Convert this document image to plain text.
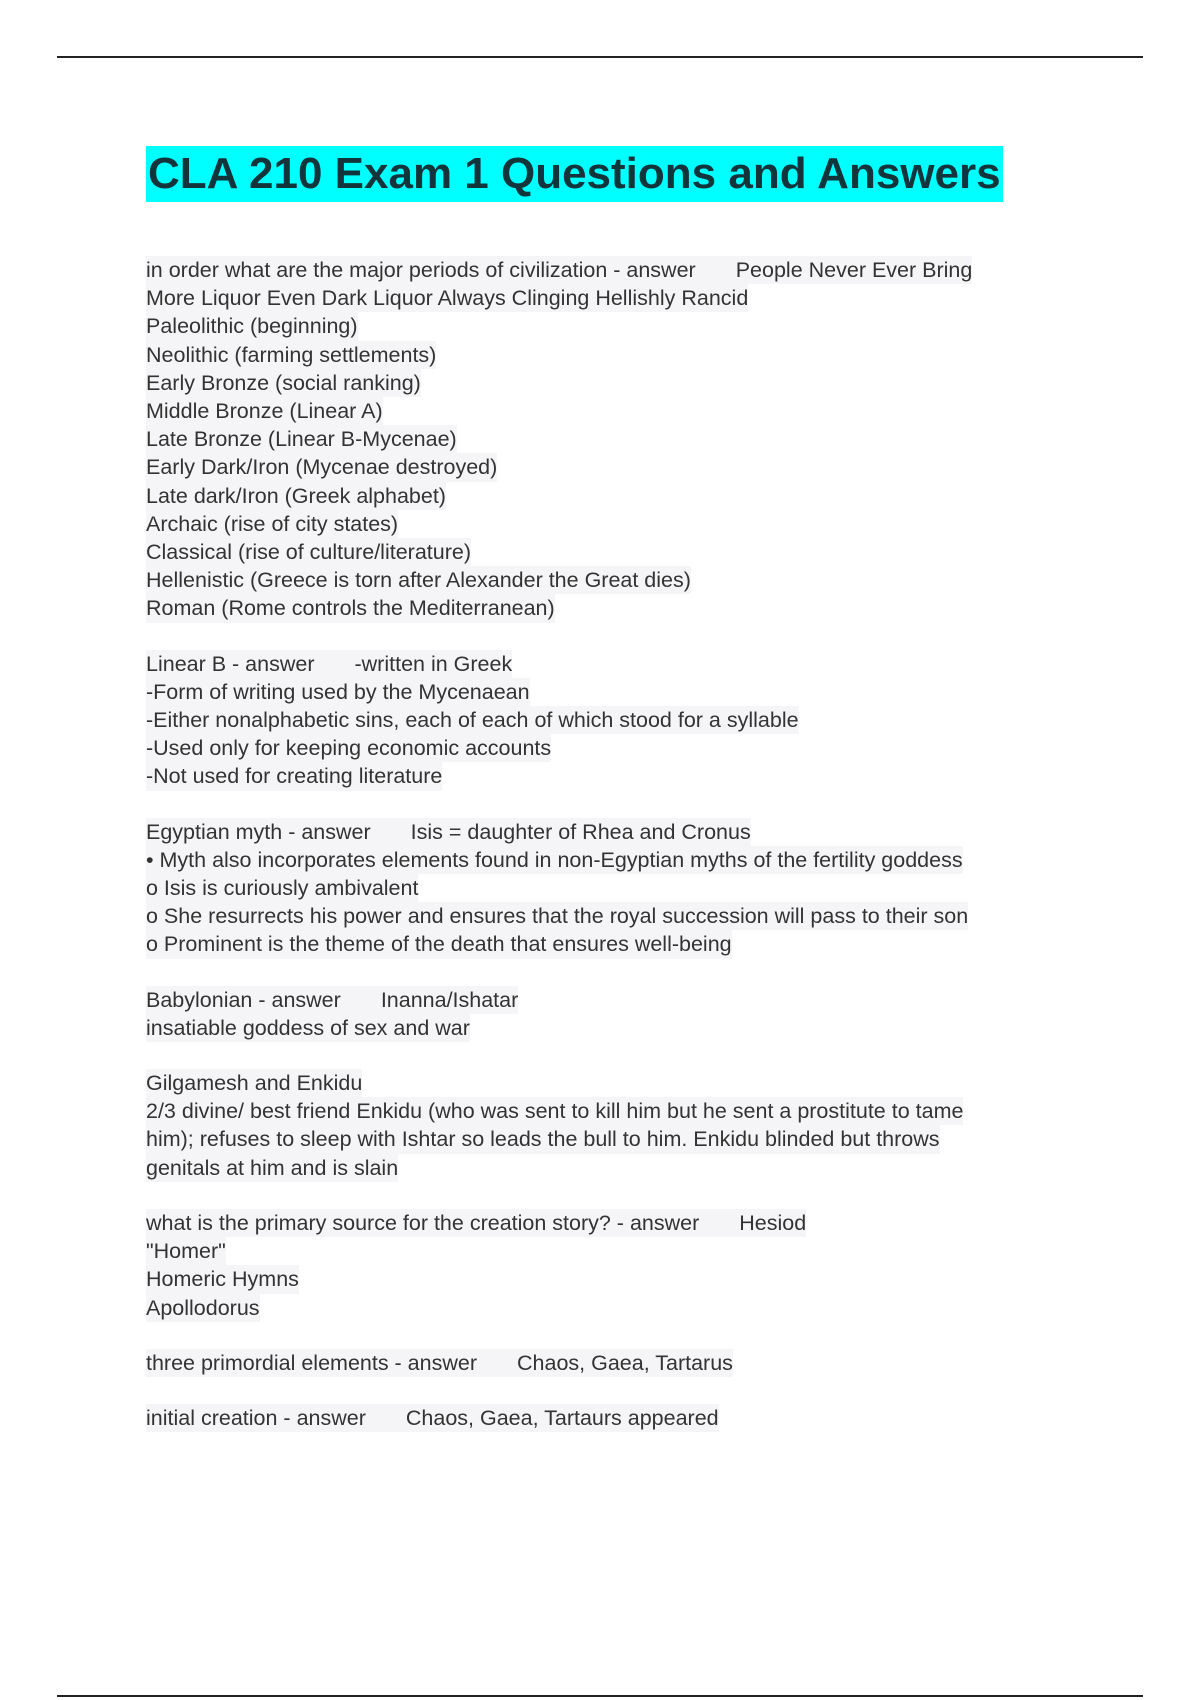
CLA 210 Exam 1 Questions and Answers
in order what are the major periods of civilization - answer People Never Ever Bring
More Liquor Even Dark Liquor Always Clinging Hellishly Rancid
Paleolithic (beginning)
Neolithic (farming settlements)
Early Bronze (social ranking)
Middle Bronze (Linear A)
Late Bronze (Linear B-Mycenae)
Early Dark/Iron (Mycenae destroyed)
Late dark/Iron (Greek alphabet)
Archaic (rise of city states)
Classical (rise of culture/literature)
Hellenistic (Greece is torn after Alexander the Great dies)
Roman (Rome controls the Mediterranean)
Linear B - answer -written in Greek
-Form of writing used by the Mycenaean
-Either nonalphabetic sins, each of each of which stood for a syllable
-Used only for keeping economic accounts
-Not used for creating literature
Egyptian myth - answer Isis = daughter of Rhea and Cronus
• Myth also incorporates elements found in non-Egyptian myths of the fertility goddess
o Isis is curiously ambivalent
o She resurrects his power and ensures that the royal succession will pass to their son
o Prominent is the theme of the death that ensures well-being
Babylonian - answer Inanna/Ishatar
insatiable goddess of sex and war
Gilgamesh and Enkidu
2/3 divine/ best friend Enkidu (who was sent to kill him but he sent a prostitute to tame
him); refuses to sleep with Ishtar so leads the bull to him. Enkidu blinded but throws
genitals at him and is slain
what is the primary source for the creation story? - answer Hesiod
"Homer"
Homeric Hymns
Apollodorus
three primordial elements - answer Chaos, Gaea, Tartarus
initial creation - answer Chaos, Gaea, Tartaurs appeared
